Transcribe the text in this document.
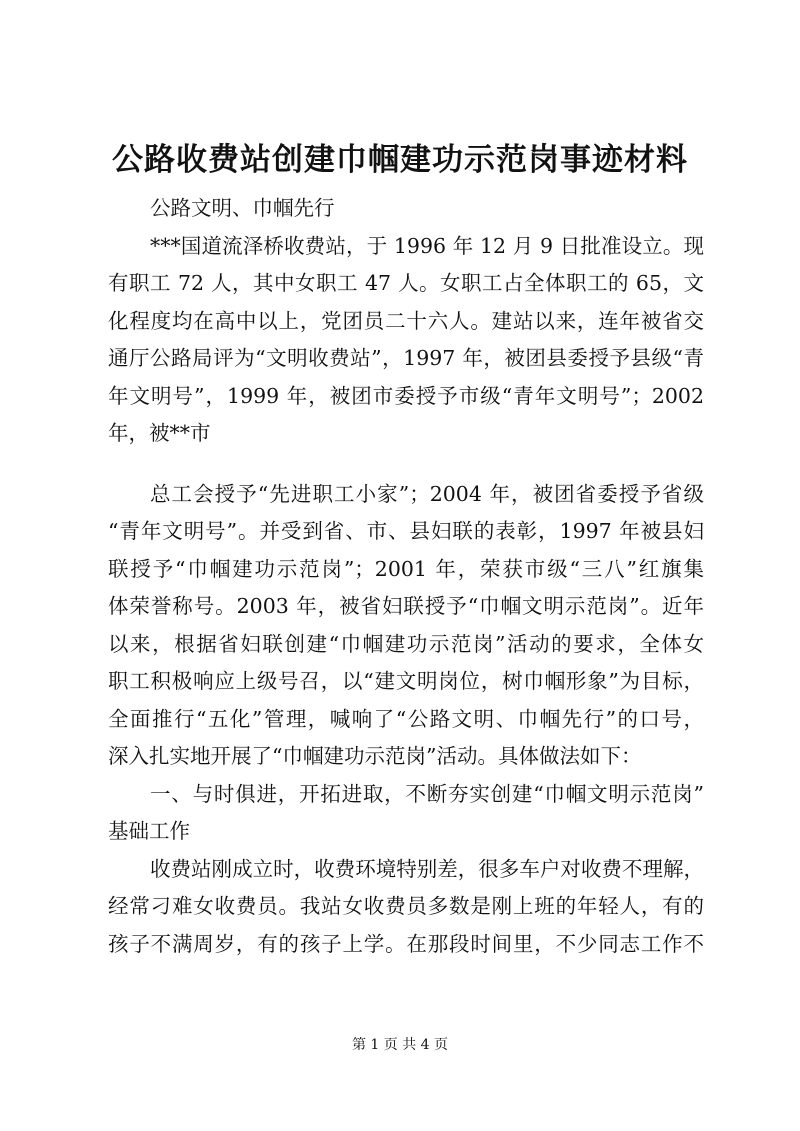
公路收费站创建巾帼建功示范岗事迹材料
公路文明、巾帼先行
***国道流泽桥收费站，于 1996 年 12 月 9 日批准设立。现
有职工 72 人，其中女职工 47 人。女职工占全体职工的 65，文
化程度均在高中以上，党团员二十六人。建站以来，连年被省交
通厅公路局评为“文明收费站”，1997 年，被团县委授予县级“青
年文明号”，1999 年，被团市委授予市级“青年文明号”；2002
年，被**市
总工会授予“先进职工小家”；2004 年，被团省委授予省级
“青年文明号”。并受到省、市、县妇联的表彰，1997 年被县妇
联授予“巾帼建功示范岗”；2001 年，荣获市级“三八”红旗集
体荣誉称号。2003 年，被省妇联授予“巾帼文明示范岗”。近年
以来，根据省妇联创建“巾帼建功示范岗”活动的要求，全体女
职工积极响应上级号召，以“建文明岗位，树巾帼形象”为目标，
全面推行“五化”管理，喊响了“公路文明、巾帼先行”的口号，
深入扎实地开展了“巾帼建功示范岗”活动。具体做法如下：
一、与时俱进，开拓进取，不断夯实创建“巾帼文明示范岗”
基础工作
收费站刚成立时，收费环境特别差，很多车户对收费不理解，
经常刁难女收费员。我站女收费员多数是刚上班的年轻人，有的
孩子不满周岁，有的孩子上学。在那段时间里，不少同志工作不
第 1 页 共 4 页
